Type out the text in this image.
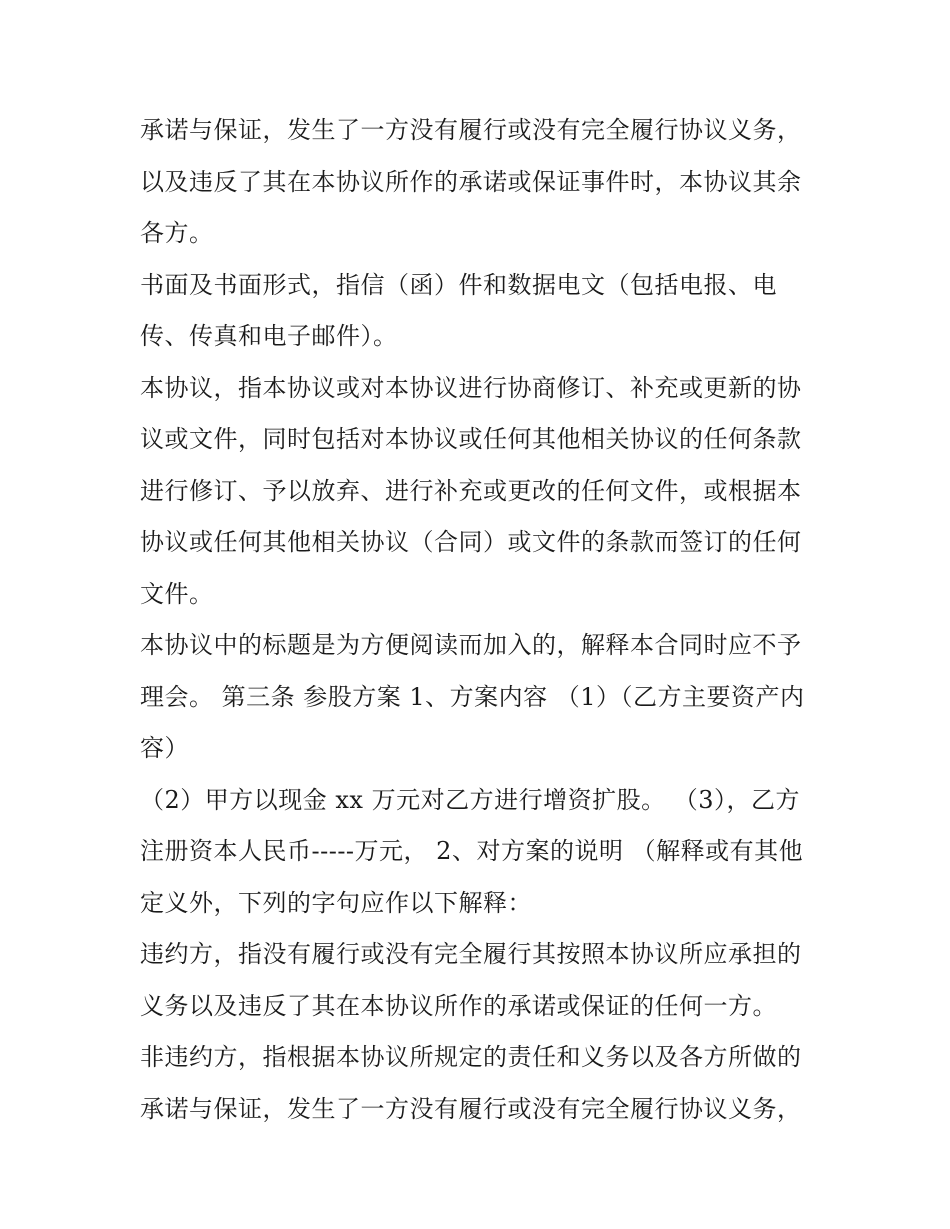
承诺与保证，发生了一方没有履行或没有完全履行协议义务，
以及违反了其在本协议所作的承诺或保证事件时，本协议其余
各方。
书面及书面形式，指信（函）件和数据电文（包括电报、电
传、传真和电子邮件）。
本协议，指本协议或对本协议进行协商修订、补充或更新的协
议或文件，同时包括对本协议或任何其他相关协议的任何条款
进行修订、予以放弃、进行补充或更改的任何文件，或根据本
协议或任何其他相关协议（合同）或文件的条款而签订的任何
文件。
本协议中的标题是为方便阅读而加入的，解释本合同时应不予
理会。 第三条 参股方案 1、方案内容 （1）（乙方主要资产内
容）
（2）甲方以现金 xx 万元对乙方进行增资扩股。 （3），乙方
注册资本人民币-----万元， 2、对方案的说明 （解释或有其他
定义外，下列的字句应作以下解释：
违约方，指没有履行或没有完全履行其按照本协议所应承担的
义务以及违反了其在本协议所作的承诺或保证的任何一方。
非违约方，指根据本协议所规定的责任和义务以及各方所做的
承诺与保证，发生了一方没有履行或没有完全履行协议义务，
